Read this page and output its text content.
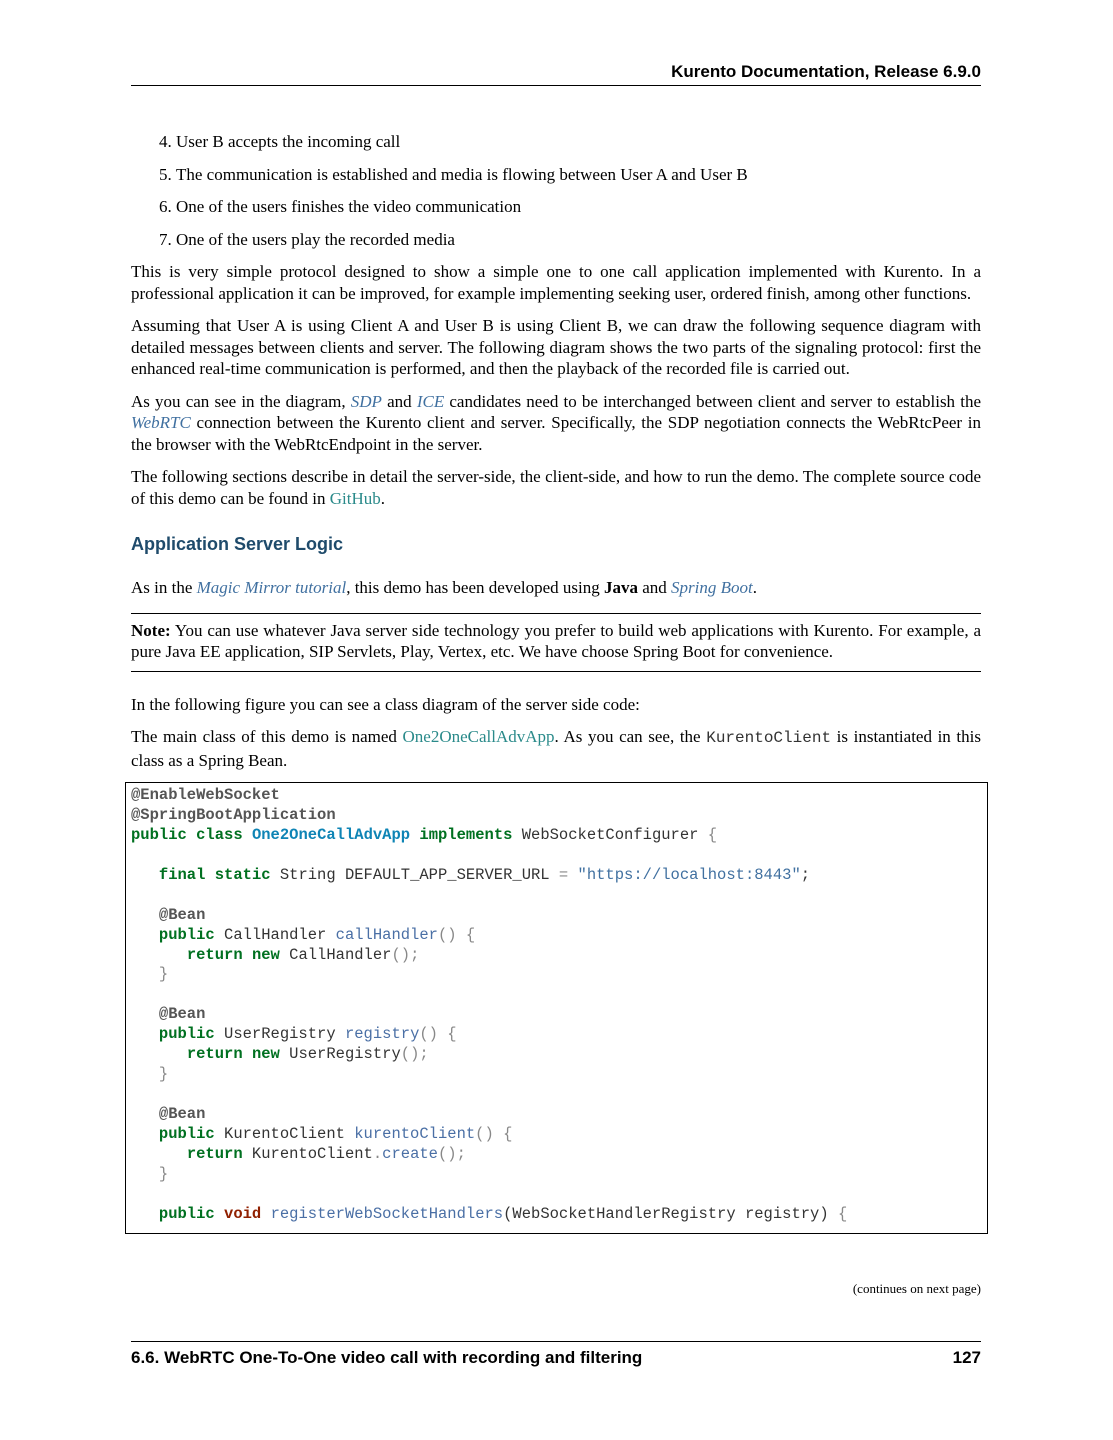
Kurento Documentation, Release 6.9.0
4. User B accepts the incoming call
5. The communication is established and media is flowing between User A and User B
6. One of the users finishes the video communication
7. One of the users play the recorded media

This is very simple protocol designed to show a simple one to one call application implemented with Kurento. In a professional application it can be improved, for example implementing seeking user, ordered finish, among other functions.

Assuming that User A is using Client A and User B is using Client B, we can draw the following sequence diagram with detailed messages between clients and server. The following diagram shows the two parts of the signaling protocol: first the enhanced real-time communication is performed, and then the playback of the recorded file is carried out.

As you can see in the diagram, SDP and ICE candidates need to be interchanged between client and server to establish the WebRTC connection between the Kurento client and server. Specifically, the SDP negotiation connects the WebRtcPeer in the browser with the WebRtcEndpoint in the server.

The following sections describe in detail the server-side, the client-side, and how to run the demo. The complete source code of this demo can be found in GitHub.

Application Server Logic

As in the Magic Mirror tutorial, this demo has been developed using Java and Spring Boot.

Note: You can use whatever Java server side technology you prefer to build web applications with Kurento. For example, a pure Java EE application, SIP Servlets, Play, Vertex, etc. We have choose Spring Boot for convenience.

In the following figure you can see a class diagram of the server side code:

The main class of this demo is named One2OneCallAdvApp. As you can see, the KurentoClient is instantiated in this class as a Spring Bean.

@EnableWebSocket
@SpringBootApplication
public class One2OneCallAdvApp implements WebSocketConfigurer {
final static String DEFAULT_APP_SERVER_URL = "https://localhost:8443";
@Bean
public CallHandler callHandler() {
return new CallHandler();
}
@Bean
public UserRegistry registry() {
return new UserRegistry();
}
@Bean
public KurentoClient kurentoClient() {
return KurentoClient.create();
}
public void registerWebSocketHandlers(WebSocketHandlerRegistry registry) {
(continues on next page)
6.6. WebRTC One-To-One video call with recording and filtering	127
